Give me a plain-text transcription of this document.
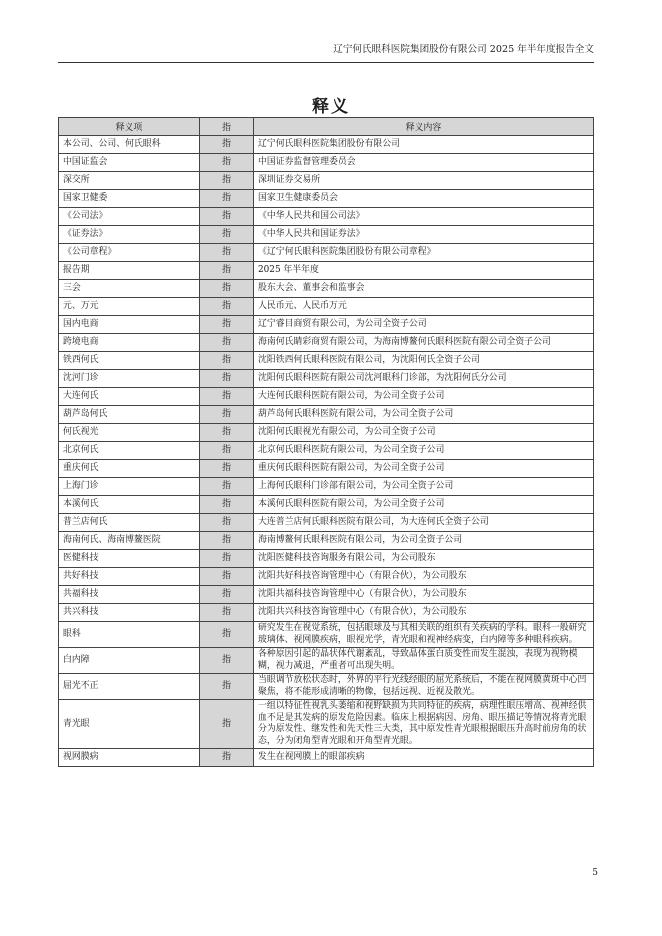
辽宁何氏眼科医院集团股份有限公司 2025 年半年度报告全文
释义
释义项	指	释义内容
本公司、公司、何氏眼科	指	辽宁何氏眼科医院集团股份有限公司
中国证监会	指	中国证券监督管理委员会
深交所	指	深圳证券交易所
国家卫健委	指	国家卫生健康委员会
《公司法》	指	《中华人民共和国公司法》
《证券法》	指	《中华人民共和国证券法》
《公司章程》	指	《辽宁何氏眼科医院集团股份有限公司章程》
报告期	指	2025 年半年度
三会	指	股东大会、董事会和监事会
元、万元	指	人民币元、人民币万元
国内电商	指	辽宁睿目商贸有限公司，为公司全资子公司
跨境电商	指	海南何氏睛彩商贸有限公司，为海南博鳌何氏眼科医院有限公司全资子公司
铁西何氏	指	沈阳铁西何氏眼科医院有限公司，为沈阳何氏全资子公司
沈河门诊	指	沈阳何氏眼科医院有限公司沈河眼科门诊部，为沈阳何氏分公司
大连何氏	指	大连何氏眼科医院有限公司，为公司全资子公司
葫芦岛何氏	指	葫芦岛何氏眼科医院有限公司，为公司全资子公司
何氏视光	指	沈阳何氏眼视光有限公司，为公司全资子公司
北京何氏	指	北京何氏眼科医院有限公司，为公司全资子公司
重庆何氏	指	重庆何氏眼科医院有限公司，为公司全资子公司
上海门诊	指	上海何氏眼科门诊部有限公司，为公司全资子公司
本溪何氏	指	本溪何氏眼科医院有限公司，为公司全资子公司
普兰店何氏	指	大连普兰店何氏眼科医院有限公司，为大连何氏全资子公司
海南何氏、海南博鳌医院	指	海南博鳌何氏眼科医院有限公司，为公司全资子公司
医健科技	指	沈阳医健科技咨询服务有限公司，为公司股东
共好科技	指	沈阳共好科技咨询管理中心（有限合伙），为公司股东
共福科技	指	沈阳共福科技咨询管理中心（有限合伙），为公司股东
共兴科技	指	沈阳共兴科技咨询管理中心（有限合伙），为公司股东
眼科	指	研究发生在视觉系统，包括眼球及与其相关联的组织有关疾病的学科。眼科一般研究玻璃体、视网膜疾病，眼视光学，青光眼和视神经病变，白内障等多种眼科疾病。
白内障	指	各种原因引起的晶状体代谢紊乱，导致晶体蛋白质变性而发生混浊，表现为视物模糊，视力减退，严重者可出现失明。
屈光不正	指	当眼调节放松状态时，外界的平行光线经眼的屈光系统后，不能在视网膜黄斑中心凹聚焦，将不能形成清晰的物像，包括远视、近视及散光。
青光眼	指	一组以特征性视乳头萎缩和视野缺损为共同特征的疾病，病理性眼压增高、视神经供血不足是其发病的原发危险因素。临床上根据病因、房角、眼压描记等情况将青光眼分为原发性、继发性和先天性三大类，其中原发性青光眼根据眼压升高时前房角的状态，分为闭角型青光眼和开角型青光眼。
视网膜病	指	发生在视网膜上的眼部疾病
5
